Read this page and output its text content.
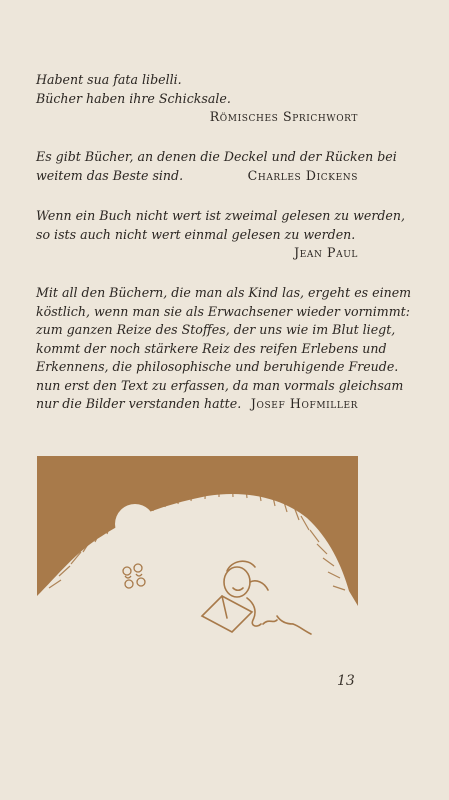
Habent sua fata libelli.
Bücher haben ihre Schicksale.
Römisches Sprichwort
Es gibt Bücher, an denen die Deckel und der Rücken bei
weitem das Beste sind.	Charles Dickens
Wenn ein Buch nicht wert ist zweimal gelesen zu werden,
so ists auch nicht wert einmal gelesen zu werden.
Jean Paul
Mit all den Büchern, die man als Kind las, ergeht es einem
köstlich, wenn man sie als Erwachsener wieder vornimmt:
zum ganzen Reize des Stoffes, der uns wie im Blut liegt,
kommt der noch stärkere Reiz des reifen Erlebens und
Erkennens, die philosophische und beruhigende Freude.
nun erst den Text zu erfassen, da man vormals gleichsam
nur die Bilder verstanden hatte. Josef Hofmiller
13
